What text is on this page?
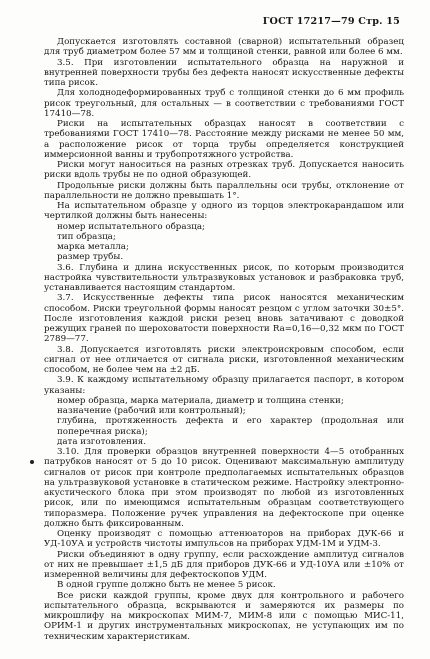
ГОСТ 17217—79 Стр. 15

Допускается изготовлять составной (сварной) испытательный образец для труб диаметром более 57 мм и толщиной стенки, равной или более 6 мм.

3.5. При изготовлении испытательного образца на наружной и внутренней поверхности трубы без дефекта наносят искусственные дефекты типа рисок.

Для холоднодеформированных труб с толщиной стенки до 6 мм профиль рисок треугольный, для остальных — в соответствии с требованиями ГОСТ 17410—78.

Риски на испытательных образцах наносят в соответствии с требованиями ГОСТ 17410—78. Расстояние между рисками не менее 50 мм, а расположение рисок от торца трубы определяется конструкцией иммерсионной ванны и трубопротяжного устройства.

Риски могут наноситься на разных отрезках труб. Допускается наносить риски вдоль трубы не по одной образующей.

Продольные риски должны быть параллельны оси трубы, отклонение от параллельности не должно превышать 1°.

На испытательном образце у одного из торцов электрокарандашом или чертилкой должны быть нанесены:

номер испытательного образца;

тип образца;

марка металла;

размер трубы.

3.6. Глубина и длина искусственных рисок, по которым производится настройка чувствительности ультразвуковых установок и разбраковка труб, устанавливается настоящим стандартом.

3.7. Искусственные дефекты типа рисок наносятся механическим способом. Риски треугольной формы наносят резцом с углом заточки 30±5°. После изготовления каждой риски резец вновь затачивают с доводкой режущих граней по шероховатости поверхности Ra=0,16—0,32 мкм по ГОСТ 2789—77.

3.8. Допускается изготовлять риски электроискровым способом, если сигнал от нее отличается от сигнала риски, изготовленной механическим способом, не более чем на ±2 дБ.

3.9. К каждому испытательному образцу прилагается паспорт, в котором указаны:

номер образца, марка материала, диаметр и толщина стенки;

назначение (рабочий или контрольный);

глубина, протяженность дефекта и его характер (продольная или поперечная риска);

дата изготовления.

3.10. Для проверки образцов внутренней поверхности 4—5 отобранных патрубков наносят от 5 до 10 рисок. Оценивают максимальную амплитуду сигналов от рисок при контроле предполагаемых испытательных образцов на ультразвуковой установке в статическом режиме. Настройку электронно-акустического блока при этом производят по любой из изготовленных рисок, или по имеющимся испытательным образцам соответствующего типоразмера. Положение ручек управления на дефектоскопе при оценке должно быть фиксированным.

Оценку производят с помощью аттенюаторов на приборах ДУК-66 и УД-10УА и устройств чистоты импульсов на приборах УДМ-1М и УДМ-3.

Риски объединяют в одну группу, если расхождение амплитуд сигналов от них не превышает ±1,5 дБ для приборов ДУК-66 и УД-10УА или ±10% от измеренной величины для дефектоскопов УДМ.

В одной группе должно быть не менее 5 рисок.

Все риски каждой группы, кроме двух для контрольного и рабочего испытательного образца, вскрываются и замеряются их размеры по микрошлифу на микроскопах МИМ-7, МИМ-8 или с помощью МИС-11, ОРИМ-1 и других инструментальных микроскопах, не уступающих им по техническим характеристикам.
